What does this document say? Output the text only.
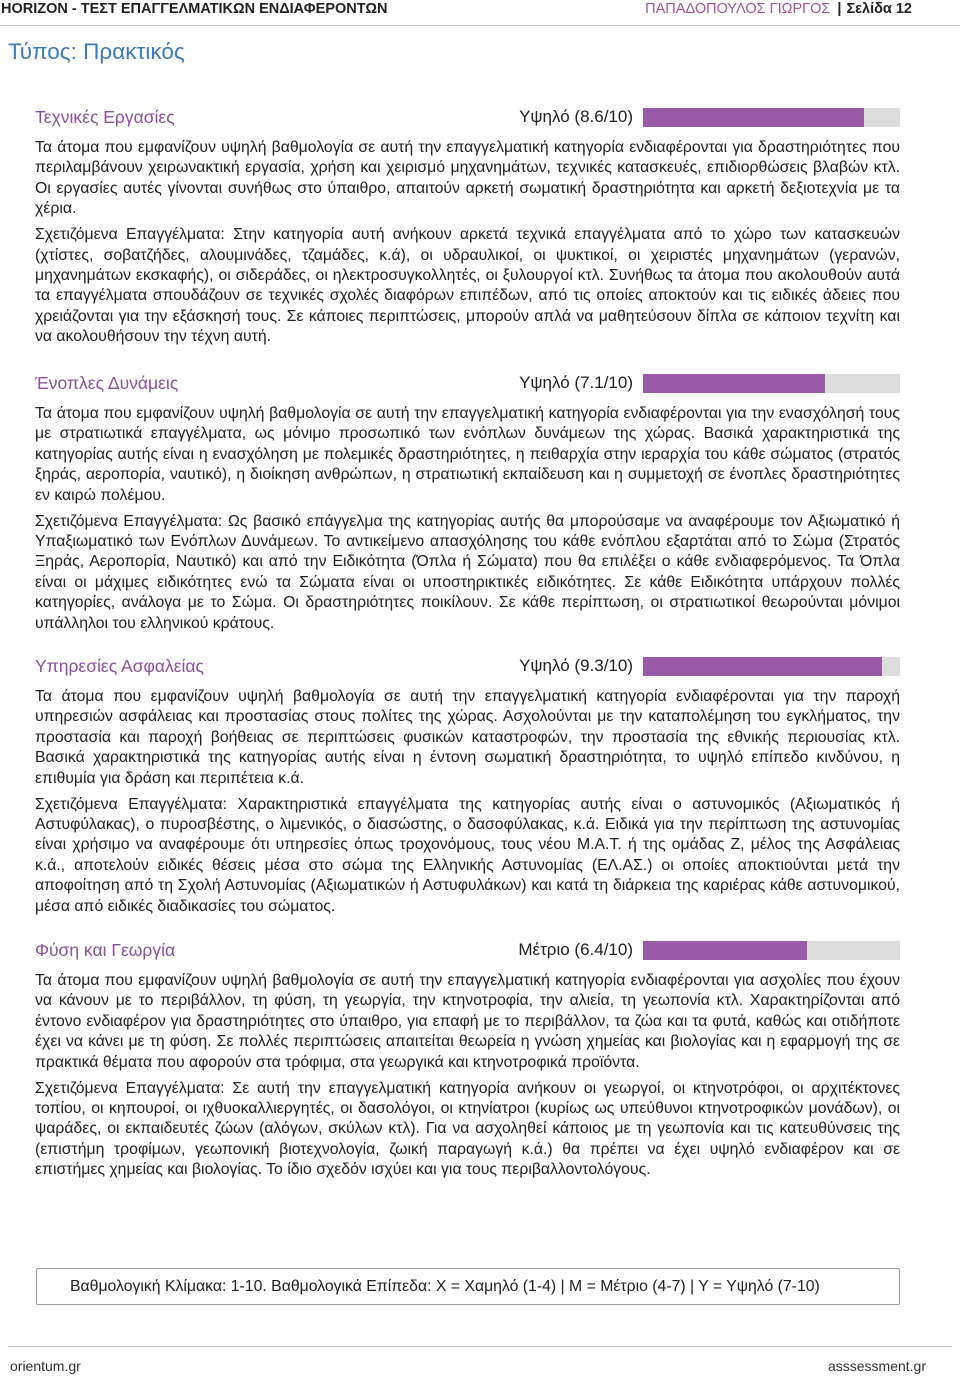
HORIZON - ΤΕΣΤ ΕΠΑΓΓΕΛΜΑΤΙΚΩΝ ΕΝΔΙΑΦΕΡΟΝΤΩΝ	ΠΑΠΑΔΟΠΟΥΛΟΣ ΓΙΩΡΓΟΣ | Σελίδα 12
Τύπος: Πρακτικός
Τεχνικές Εργασίες	Υψηλό (8.6/10)

Τα άτομα που εμφανίζουν υψηλή βαθμολογία σε αυτή την επαγγελματική κατηγορία ενδιαφέρονται για δραστηριότητες που περιλαμβάνουν χειρωνακτική εργασία, χρήση και χειρισμό μηχανημάτων, τεχνικές κατασκευές, επιδιορθώσεις βλαβών κτλ. Οι εργασίες αυτές γίνονται συνήθως στο ύπαιθρο, απαιτούν αρκετή σωματική δραστηριότητα και αρκετή δεξιοτεχνία με τα χέρια.

Σχετιζόμενα Επαγγέλματα: Στην κατηγορία αυτή ανήκουν αρκετά τεχνικά επαγγέλματα από το χώρο των κατασκευών (χτίστες, σοβατζήδες, αλουμινάδες, τζαμάδες, κ.ά), οι υδραυλικοί, οι ψυκτικοί, οι χειριστές μηχανημάτων (γερανών, μηχανημάτων εκσκαφής), οι σιδεράδες, οι ηλεκτροσυγκολλητές, οι ξυλουργοί κτλ. Συνήθως τα άτομα που ακολουθούν αυτά τα επαγγέλματα σπουδάζουν σε τεχνικές σχολές διαφόρων επιπέδων, από τις οποίες αποκτούν και τις ειδικές άδειες που χρειάζονται για την εξάσκησή τους. Σε κάποιες περιπτώσεις, μπορούν απλά να μαθητεύσουν δίπλα σε κάποιον τεχνίτη και να ακολουθήσουν την τέχνη αυτή.

Ένοπλες Δυνάμεις	Υψηλό (7.1/10)

Τα άτομα που εμφανίζουν υψηλή βαθμολογία σε αυτή την επαγγελματική κατηγορία ενδιαφέρονται για την ενασχόλησή τους με στρατιωτικά επαγγέλματα, ως μόνιμο προσωπικό των ενόπλων δυνάμεων της χώρας. Βασικά χαρακτηριστικά της κατηγορίας αυτής είναι η ενασχόληση με πολεμικές δραστηριότητες, η πειθαρχία στην ιεραρχία του κάθε σώματος (στρατός ξηράς, αεροπορία, ναυτικό), η διοίκηση ανθρώπων, η στρατιωτική εκπαίδευση και η συμμετοχή σε ένοπλες δραστηριότητες εν καιρώ πολέμου.

Σχετιζόμενα Επαγγέλματα: Ως βασικό επάγγελμα της κατηγορίας αυτής θα μπορούσαμε να αναφέρουμε τον Αξιωματικό ή Υπαξιωματικό των Ενόπλων Δυνάμεων. Το αντικείμενο απασχόλησης του κάθε ενόπλου εξαρτάται από το Σώμα (Στρατός Ξηράς, Αεροπορία, Ναυτικό) και από την Ειδικότητα (Όπλα ή Σώματα) που θα επιλέξει ο κάθε ενδιαφερόμενος. Τα Όπλα είναι οι μάχιμες ειδικότητες ενώ τα Σώματα είναι οι υποστηρικτικές ειδικότητες. Σε κάθε Ειδικότητα υπάρχουν πολλές κατηγορίες, ανάλογα με το Σώμα. Οι δραστηριότητες ποικίλουν. Σε κάθε περίπτωση, οι στρατιωτικοί θεωρούνται μόνιμοι υπάλληλοι του ελληνικού κράτους.

Υπηρεσίες Ασφαλείας	Υψηλό (9.3/10)

Τα άτομα που εμφανίζουν υψηλή βαθμολογία σε αυτή την επαγγελματική κατηγορία ενδιαφέρονται για την παροχή υπηρεσιών ασφάλειας και προστασίας στους πολίτες της χώρας. Ασχολούνται με την καταπολέμηση του εγκλήματος, την προστασία και παροχή βοήθειας σε περιπτώσεις φυσικών καταστροφών, την προστασία της εθνικής περιουσίας κτλ. Βασικά χαρακτηριστικά της κατηγορίας αυτής είναι η έντονη σωματική δραστηριότητα, το υψηλό επίπεδο κινδύνου, η επιθυμία για δράση και περιπέτεια κ.ά.

Σχετιζόμενα Επαγγέλματα: Χαρακτηριστικά επαγγέλματα της κατηγορίας αυτής είναι ο αστυνομικός (Αξιωματικός ή Αστυφύλακας), ο πυροσβέστης, ο λιμενικός, ο διασώστης, ο δασοφύλακας, κ.ά. Ειδικά για την περίπτωση της αστυνομίας είναι χρήσιμο να αναφέρουμε ότι υπηρεσίες όπως τροχονόμους, τους νέου Μ.Α.Τ. ή της ομάδας Ζ, μέλος της Ασφάλειας κ.ά., αποτελούν ειδικές θέσεις μέσα στο σώμα της Ελληνικής Αστυνομίας (ΕΛ.ΑΣ.) οι οποίες αποκτιούνται μετά την αποφοίτηση από τη Σχολή Αστυνομίας (Αξιωματικών ή Αστυφυλάκων) και κατά τη διάρκεια της καριέρας κάθε αστυνομικού, μέσα από ειδικές διαδικασίες του σώματος.

Φύση και Γεωργία	Μέτριο (6.4/10)

Τα άτομα που εμφανίζουν υψηλή βαθμολογία σε αυτή την επαγγελματική κατηγορία ενδιαφέρονται για ασχολίες που έχουν να κάνουν με το περιβάλλον, τη φύση, τη γεωργία, την κτηνοτροφία, την αλιεία, τη γεωπονία κτλ. Χαρακτηρίζονται από έντονο ενδιαφέρον για δραστηριότητες στο ύπαιθρο, για επαφή με το περιβάλλον, τα ζώα και τα φυτά, καθώς και οτιδήποτε έχει να κάνει με τη φύση. Σε πολλές περιπτώσεις απαιτείται θεωρεία η γνώση χημείας και βιολογίας και η εφαρμογή της σε πρακτικά θέματα που αφορούν στα τρόφιμα, στα γεωργικά και κτηνοτροφικά προϊόντα.

Σχετιζόμενα Επαγγέλματα: Σε αυτή την επαγγελματική κατηγορία ανήκουν οι γεωργοί, οι κτηνοτρόφοι, οι αρχιτέκτονες τοπίου, οι κηπουροί, οι ιχθυοκαλλιεργητές, οι δασολόγοι, οι κτηνίατροι (κυρίως ως υπεύθυνοι κτηνοτροφικών μονάδων), οι ψαράδες, οι εκπαιδευτές ζώων (αλόγων, σκύλων κτλ). Για να ασχοληθεί κάποιος με τη γεωπονία και τις κατευθύνσεις της (επιστήμη τροφίμων, γεωπονική βιοτεχνολογία, ζωική παραγωγή κ.ά.) θα πρέπει να έχει υψηλό ενδιαφέρον και σε επιστήμες χημείας και βιολογίας. Το ίδιο σχεδόν ισχύει και για τους περιβαλλοντολόγους.

Βαθμολογική Κλίμακα: 1-10. Βαθμολογικά Επίπεδα: Χ = Χαμηλό (1-4) | Μ = Μέτριο (4-7) | Υ = Υψηλό (7-10)
orientum.gr	asssessment.gr
